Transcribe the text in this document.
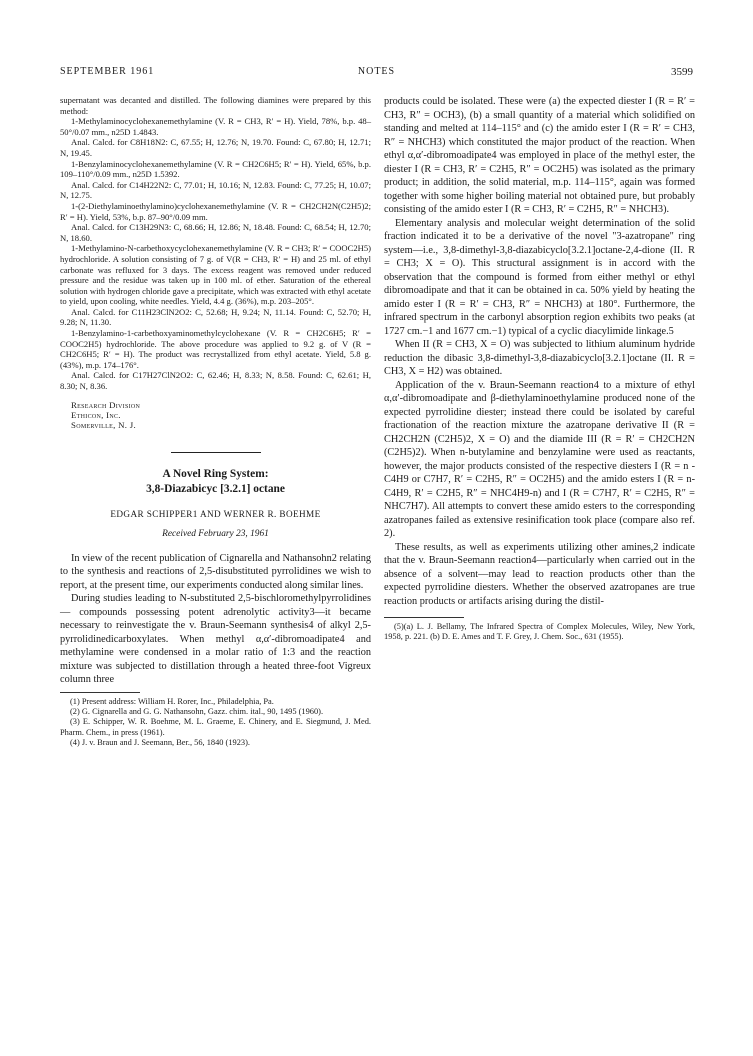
SEPTEMBER 1961	NOTES	3599

supernatant was decanted and distilled. The following diamines were prepared by this method:

1-Methylaminocyclohexanemethylamine (V. R = CH3, R′ = H). Yield, 78%, b.p. 48–50°/0.07 mm., n25D 1.4843.

Anal. Calcd. for C8H18N2: C, 67.55; H, 12.76; N, 19.70. Found: C, 67.80; H, 12.71; N, 19.45.

1-Benzylaminocyclohexanemethylamine (V. R = CH2C6H5; R′ = H). Yield, 65%, b.p. 109–110°/0.09 mm., n25D 1.5392.

Anal. Calcd. for C14H22N2: C, 77.01; H, 10.16; N, 12.83. Found: C, 77.25; H, 10.07; N, 12.75.

1-(2-Diethylaminoethylamino)cyclohexanemethylamine (V. R = CH2CH2N(C2H5)2; R′ = H). Yield, 53%, b.p. 87–90°/0.09 mm.

Anal. Calcd. for C13H29N3: C, 68.66; H, 12.86; N, 18.48. Found: C, 68.54; H, 12.70; N, 18.60.

1-Methylamino-N-carbethoxycyclohexanemethylamine (V. R = CH3; R′ = COOC2H5) hydrochloride. A solution consisting of 7 g. of V(R = CH3, R′ = H) and 25 ml. of ethyl carbonate was refluxed for 3 days. The excess reagent was removed under reduced pressure and the residue was taken up in 100 ml. of ether. Saturation of the ethereal solution with hydrogen chloride gave a precipitate, which was extracted with ethyl acetate to yield, upon cooling, white needles. Yield, 4.4 g. (36%), m.p. 203–205°.

Anal. Calcd. for C11H23ClN2O2: C, 52.68; H, 9.24; N, 11.14. Found: C, 52.70; H, 9.28; N, 11.30.

1-Benzylamino-1-carbethoxyaminomethylcyclohexane (V. R = CH2C6H5; R′ = COOC2H5) hydrochloride. The above procedure was applied to 9.2 g. of V (R = CH2C6H5; R′ = H). The product was recrystallized from ethyl acetate. Yield, 5.8 g. (43%), m.p. 174–176°.

Anal. Calcd. for C17H27ClN2O2: C, 62.46; H, 8.33; N, 8.58. Found: C, 62.61; H, 8.30; N, 8.36.

Research Division
Ethicon, Inc.
Somerville, N. J.
A Novel Ring System:
3,8-Diazabicyc [3.2.1] octane
EDGAR SCHIPPER1 AND WERNER R. BOEHME
Received February 23, 1961

In view of the recent publication of Cignarella and Nathansohn2 relating to the synthesis and reactions of 2,5-disubstituted pyrrolidines we wish to report, at the present time, our experiments conducted along similar lines.

During studies leading to N-substituted 2,5-bischloromethylpyrrolidines — compounds possessing potent adrenolytic activity3—it became necessary to reinvestigate the v. Braun-Seemann synthesis4 of alkyl 2,5-pyrrolidinedicarboxylates. When methyl α,α′-dibromoadipate4 and methylamine were condensed in a molar ratio of 1:3 and the reaction mixture was subjected to distillation through a heated three-foot Vigreux column three

(1) Present address: William H. Rorer, Inc., Philadelphia, Pa.

(2) G. Cignarella and G. G. Nathansohn, Gazz. chim. ital., 90, 1495 (1960).

(3) E. Schipper, W. R. Boehme, M. L. Graeme, E. Chinery, and E. Siegmund, J. Med. Pharm. Chem., in press (1961).

(4) J. v. Braun and J. Seemann, Ber., 56, 1840 (1923).

products could be isolated. These were (a) the expected diester I (R = R′ = CH3, R″ = OCH3), (b) a small quantity of a material which solidified on standing and melted at 114–115° and (c) the amido ester I (R = R′ = CH3, R″ = NHCH3) which constituted the major product of the reaction. When ethyl α,α′-dibromoadipate4 was employed in place of the methyl ester, the diester I (R = CH3, R′ = C2H5, R″ = OC2H5) was isolated as the primary product; in addition, the solid material, m.p. 114–115°, again was formed together with some higher boiling material not obtained pure, but probably consisting of the amido ester I (R = CH3, R′ = C2H5, R″ = NHCH3).

Elementary analysis and molecular weight determination of the solid fraction indicated it to be a derivative of the novel "3-azatropane" ring system—i.e., 3,8-dimethyl-3,8-diazabicyclo[3.2.1]octane-2,4-dione (II. R = CH3; X = O). This structural assignment is in accord with the observation that the compound is formed from either methyl or ethyl dibromoadipate and that it can be obtained in ca. 50% yield by heating the amido ester I (R = R′ = CH3, R″ = NHCH3) at 180°. Furthermore, the infrared spectrum in the carbonyl absorption region exhibits two peaks (at 1727 cm.−1 and 1677 cm.−1) typical of a cyclic diacylimide linkage.5

When II (R = CH3, X = O) was subjected to lithium aluminum hydride reduction the dibasic 3,8-dimethyl-3,8-diazabicyclo[3.2.1]octane (II. R = CH3, X = H2) was obtained.

Application of the v. Braun-Seemann reaction4 to a mixture of ethyl α,α′-dibromoadipate and β-diethylaminoethylamine produced none of the expected pyrrolidine diester; instead there could be isolated by careful fractionation of the reaction mixture the azatropane derivative II (R = CH2CH2N (C2H5)2, X = O) and the diamide III (R = R′ = CH2CH2N (C2H5)2). When n-butylamine and benzylamine were used as reactants, however, the major products consisted of the respective diesters I (R = n - C4H9 or C7H7, R′ = C2H5, R″ = OC2H5) and the amido esters I (R = n-C4H9, R′ = C2H5, R″ = NHC4H9-n) and I (R = C7H7, R′ = C2H5, R″ = NHC7H7). All attempts to convert these amido esters to the corresponding azatropanes failed as extensive resinification took place (compare also ref. 2).

These results, as well as experiments utilizing other amines,2 indicate that the v. Braun-Seemann reaction4—particularly when carried out in the absence of a solvent—may lead to reaction products other than the expected pyrrolidine diesters. Whether the observed azatropanes are true reaction products or artifacts arising during the distil-

(5)(a) L. J. Bellamy, The Infrared Spectra of Complex Molecules, Wiley, New York, 1958, p. 221. (b) D. E. Ames and T. F. Grey, J. Chem. Soc., 631 (1955).
